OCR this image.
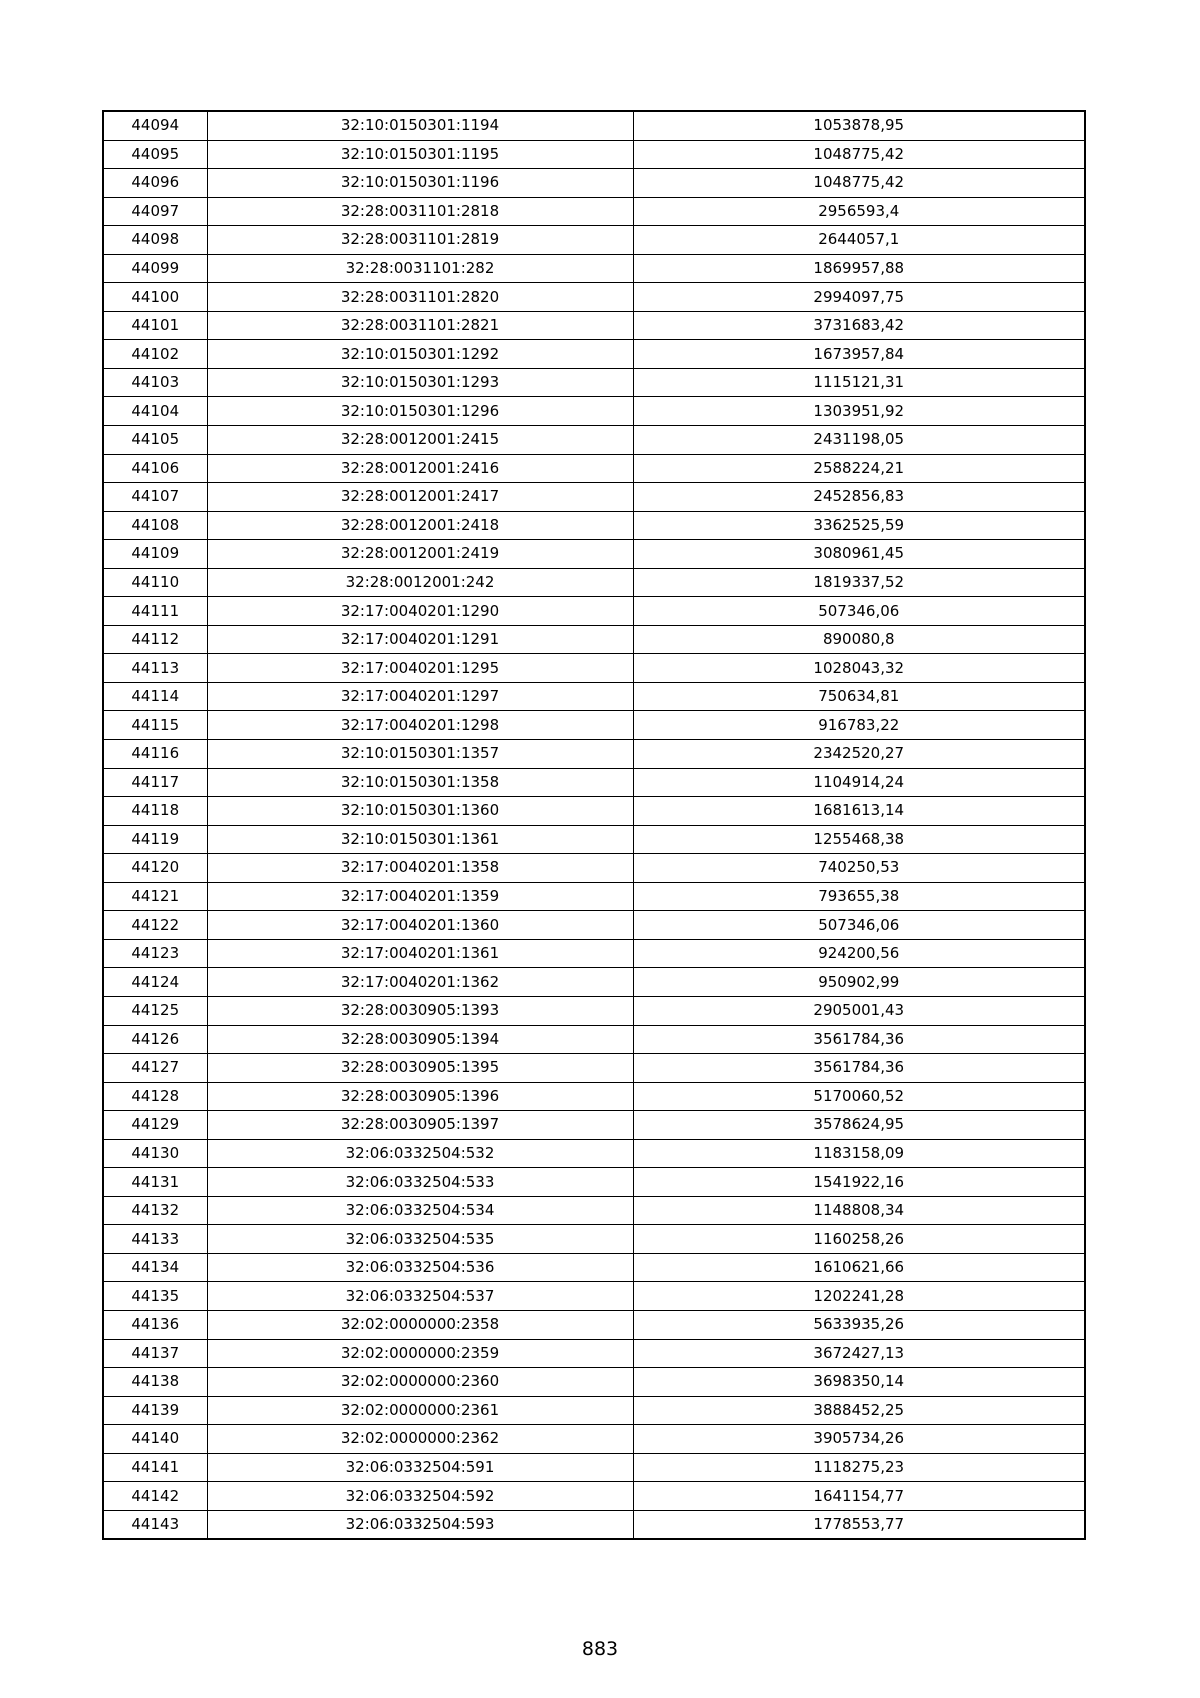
44094	32:10:0150301:1194	1053878,95
44095	32:10:0150301:1195	1048775,42
44096	32:10:0150301:1196	1048775,42
44097	32:28:0031101:2818	2956593,4
44098	32:28:0031101:2819	2644057,1
44099	32:28:0031101:282	1869957,88
44100	32:28:0031101:2820	2994097,75
44101	32:28:0031101:2821	3731683,42
44102	32:10:0150301:1292	1673957,84
44103	32:10:0150301:1293	1115121,31
44104	32:10:0150301:1296	1303951,92
44105	32:28:0012001:2415	2431198,05
44106	32:28:0012001:2416	2588224,21
44107	32:28:0012001:2417	2452856,83
44108	32:28:0012001:2418	3362525,59
44109	32:28:0012001:2419	3080961,45
44110	32:28:0012001:242	1819337,52
44111	32:17:0040201:1290	507346,06
44112	32:17:0040201:1291	890080,8
44113	32:17:0040201:1295	1028043,32
44114	32:17:0040201:1297	750634,81
44115	32:17:0040201:1298	916783,22
44116	32:10:0150301:1357	2342520,27
44117	32:10:0150301:1358	1104914,24
44118	32:10:0150301:1360	1681613,14
44119	32:10:0150301:1361	1255468,38
44120	32:17:0040201:1358	740250,53
44121	32:17:0040201:1359	793655,38
44122	32:17:0040201:1360	507346,06
44123	32:17:0040201:1361	924200,56
44124	32:17:0040201:1362	950902,99
44125	32:28:0030905:1393	2905001,43
44126	32:28:0030905:1394	3561784,36
44127	32:28:0030905:1395	3561784,36
44128	32:28:0030905:1396	5170060,52
44129	32:28:0030905:1397	3578624,95
44130	32:06:0332504:532	1183158,09
44131	32:06:0332504:533	1541922,16
44132	32:06:0332504:534	1148808,34
44133	32:06:0332504:535	1160258,26
44134	32:06:0332504:536	1610621,66
44135	32:06:0332504:537	1202241,28
44136	32:02:0000000:2358	5633935,26
44137	32:02:0000000:2359	3672427,13
44138	32:02:0000000:2360	3698350,14
44139	32:02:0000000:2361	3888452,25
44140	32:02:0000000:2362	3905734,26
44141	32:06:0332504:591	1118275,23
44142	32:06:0332504:592	1641154,77
44143	32:06:0332504:593	1778553,77
883
